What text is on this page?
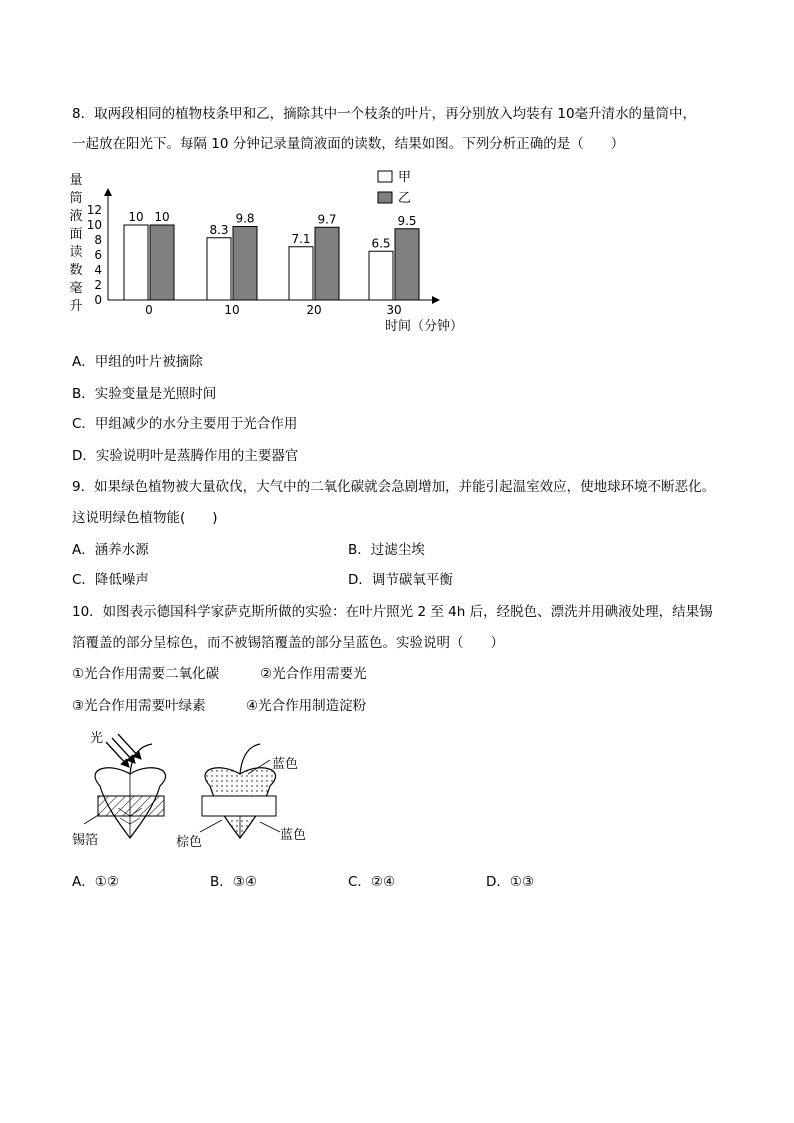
8．取两段相同的植物枝条甲和乙，摘除其中一个枝条的叶片，再分别放入均装有 10毫升清水的量筒中，
一起放在阳光下。每隔 10 分钟记录量筒液面的读数，结果如图。下列分析正确的是（　　）
量
筒
液
面
读
数
毫
升 0
2
4
6
8
10
12 10 10
0
8.3
9.8
10
7.1
9.7
20
6.5
9.5
30
甲
乙
时间（分钟）
A．甲组的叶片被摘除
B．实验变量是光照时间
C．甲组减少的水分主要用于光合作用
D．实验说明叶是蒸腾作用的主要器官
9．如果绿色植物被大量砍伐，大气中的二氧化碳就会急剧增加，并能引起温室效应，使地球环境不断恶化。
这说明绿色植物能(　　)
A．涵养水源	B．过滤尘埃
C．降低噪声	D．调节碳氧平衡
10．如图表示德国科学家萨克斯所做的实验：在叶片照光 2 至 4h 后，经脱色、漂洗并用碘液处理，结果锡
箔覆盖的部分呈棕色，而不被锡箔覆盖的部分呈蓝色。实验说明（　　）
①光合作用需要二氧化碳	②光合作用需要光
③光合作用需要叶绿素	④光合作用制造淀粉
光
锡箔
蓝色
棕色	蓝色
A．①②	B．③④	C．②④	D．①③
